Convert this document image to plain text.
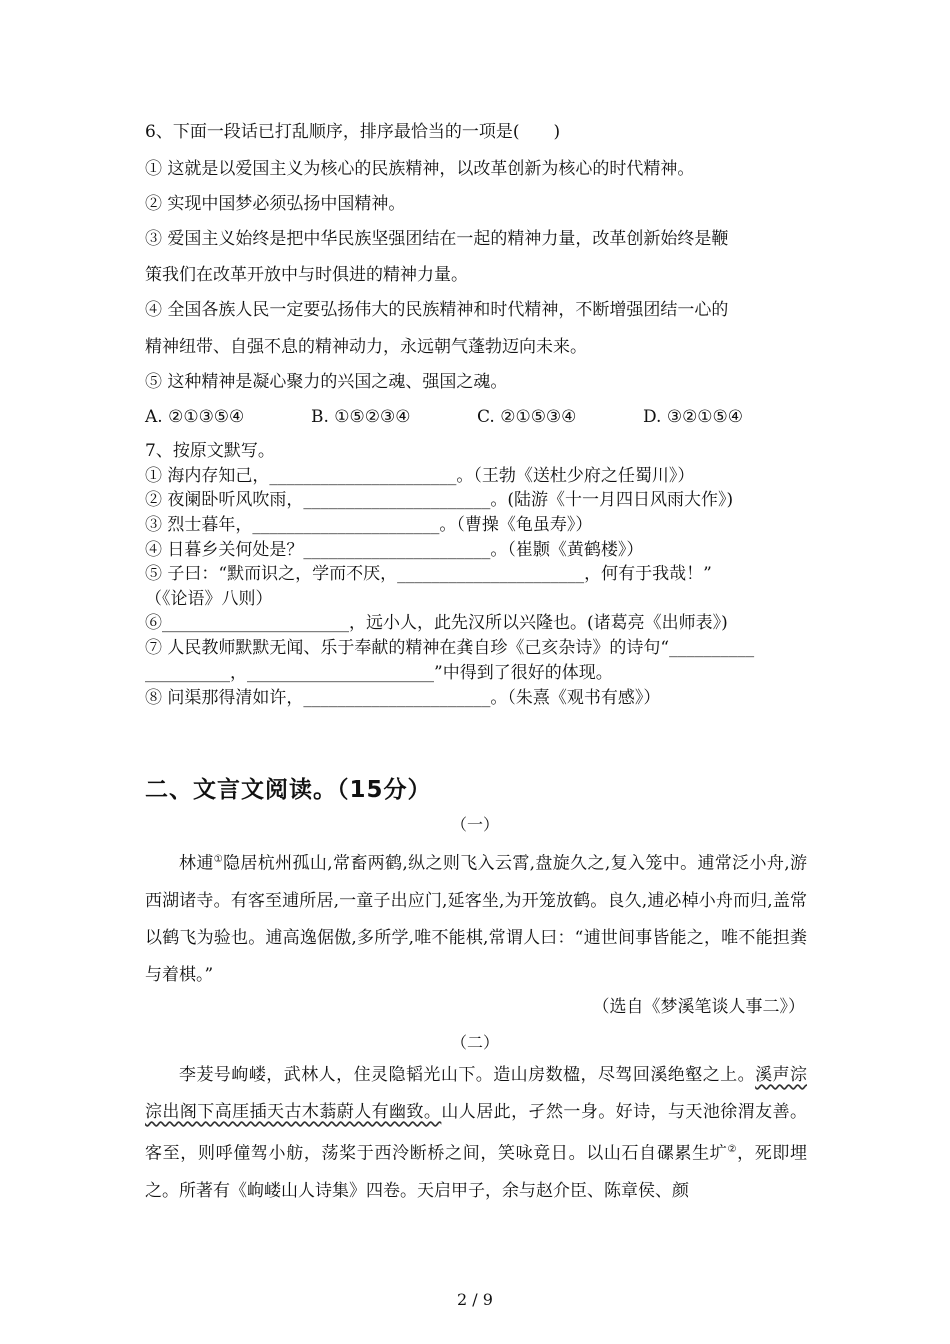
6、下面一段话已打乱顺序，排序最恰当的一项是(　　)
① 这就是以爱国主义为核心的民族精神，以改革创新为核心的时代精神。
② 实现中国梦必须弘扬中国精神。
③ 爱国主义始终是把中华民族坚强团结在一起的精神力量，改革创新始终是鞭
策我们在改革开放中与时俱进的精神力量。
④ 全国各族人民一定要弘扬伟大的民族精神和时代精神，不断增强团结一心的
精神纽带、自强不息的精神动力，永远朝气蓬勃迈向未来。
⑤ 这种精神是凝心聚力的兴国之魂、强国之魂。
A. ②①③⑤④	B. ①⑤②③④	C. ②①⑤③④	D. ③②①⑤④
7、按原文默写。
① 海内存知己，______________________。（王勃《送杜少府之任蜀川》）
② 夜阑卧听风吹雨，______________________。(陆游《十一月四日风雨大作》)
③ 烈士暮年，______________________。（曹操《龟虽寿》）
④ 日暮乡关何处是？______________________。（崔颢《黄鹤楼》）
⑤ 子曰：“默而识之，学而不厌，______________________，何有于我哉！”
（《论语》八则）
⑥______________________，远小人，此先汉所以兴隆也。(诸葛亮《出师表》)
⑦ 人民教师默默无闻、乐于奉献的精神在龚自珍《己亥杂诗》的诗句“__________
__________，______________________”中得到了很好的体现。
⑧ 问渠那得清如许，______________________。（朱熹《观书有感》）
二、文言文阅读。（15分）
（一）

林逋①隐居杭州孤山,常畜两鹤,纵之则飞入云霄,盘旋久之,复入笼中。逋常泛小舟,游西湖诸寺。有客至逋所居,一童子出应门,延客坐,为开笼放鹤。良久,逋必棹小舟而归,盖常以鹤飞为验也。逋高逸倨傲,多所学,唯不能棋,常谓人曰：“逋世间事皆能之，唯不能担粪与着棋。”

（选自《梦溪笔谈人事二》）
（二）

李茇号岣嵝，武林人，住灵隐韬光山下。造山房数楹，尽驾回溪绝壑之上。溪声淙淙出阁下高厓插天古木蓊蔚人有幽致。山人居此，孑然一身。好诗，与天池徐渭友善。客至，则呼僮驾小舫，荡桨于西泠断桥之间，笑咏竟日。以山石自磥累生圹②，死即埋之。所著有《岣嵝山人诗集》四卷。天启甲子，余与赵介臣、陈章侯、颜

2 / 9
